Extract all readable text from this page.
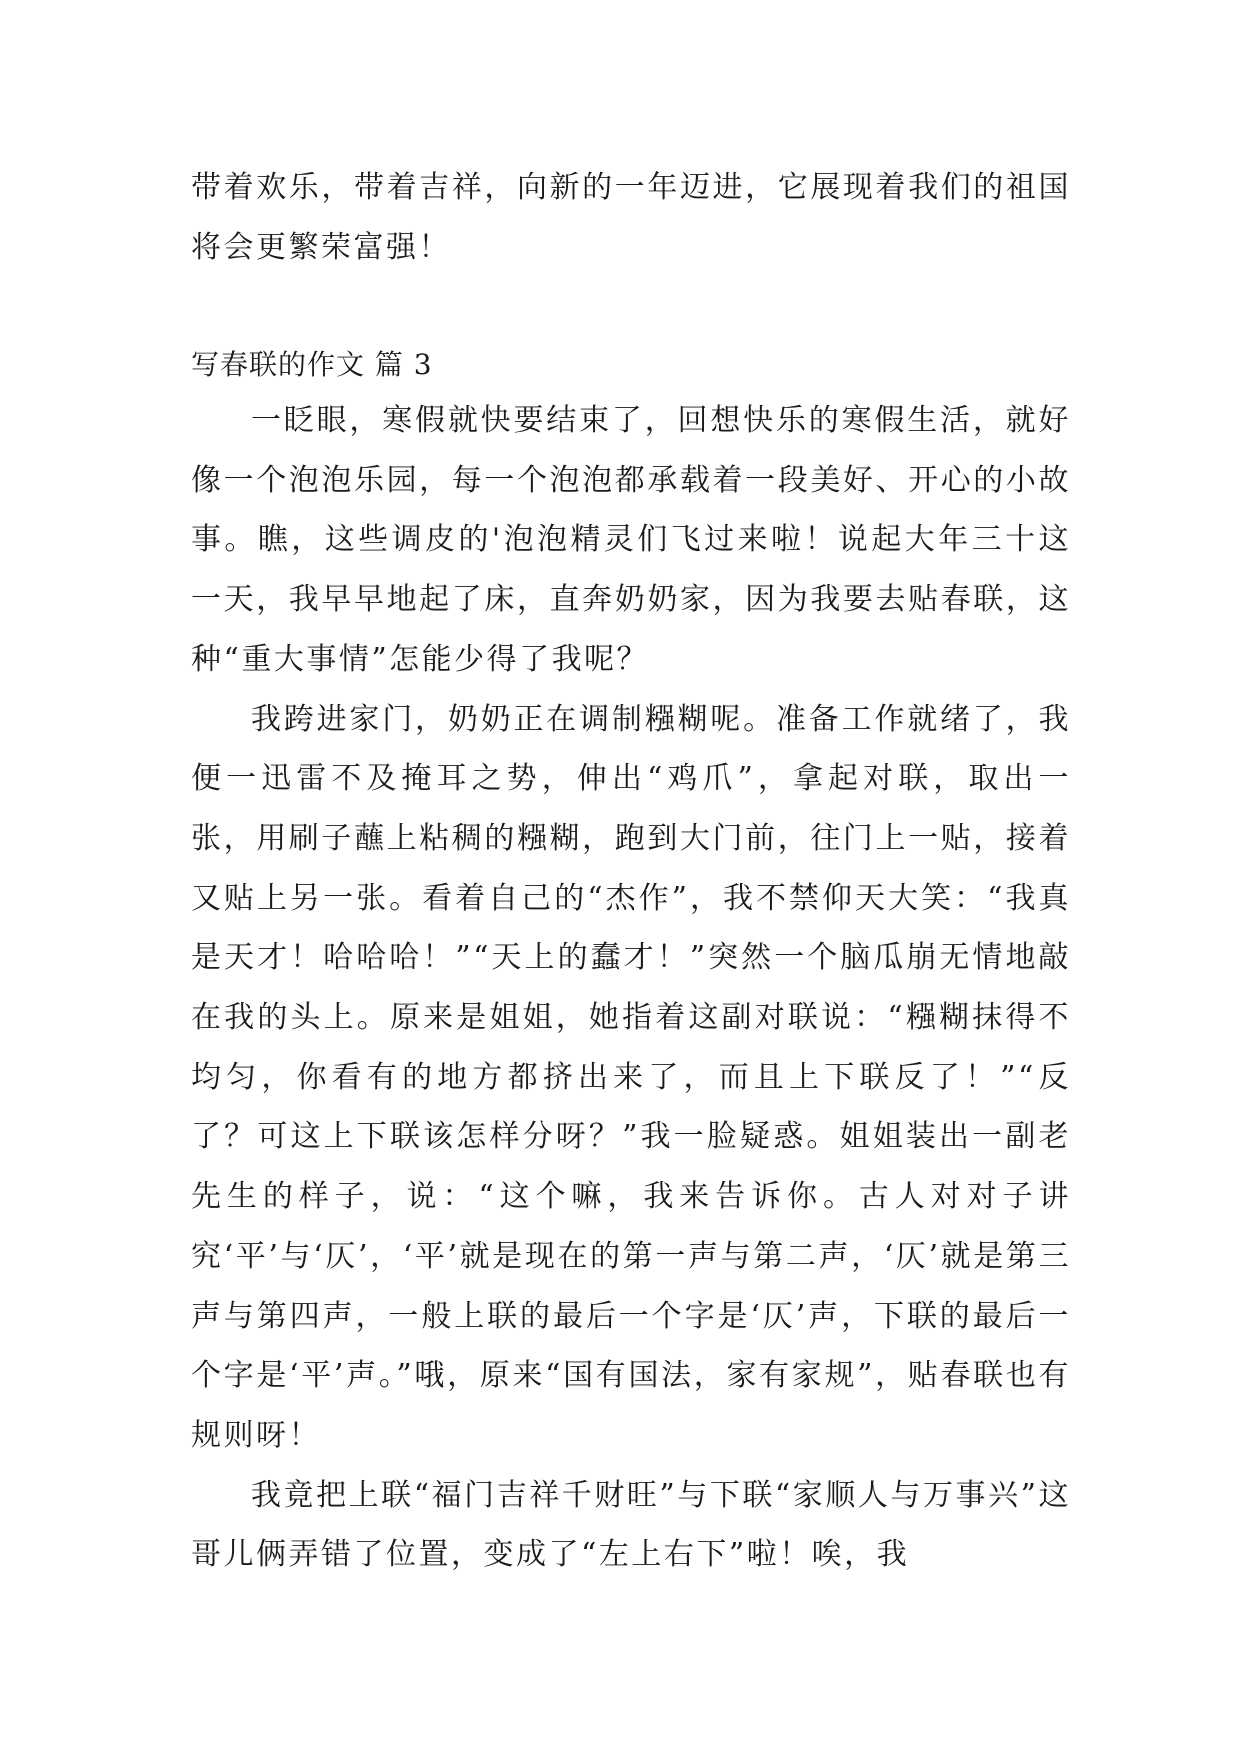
带着欢乐，带着吉祥，向新的一年迈进，它展现着我们的祖国将会更繁荣富强！

写春联的作文 篇 3

一眨眼，寒假就快要结束了，回想快乐的寒假生活，就好像一个泡泡乐园，每一个泡泡都承载着一段美好、开心的小故事。瞧，这些调皮的'泡泡精灵们飞过来啦！说起大年三十这一天，我早早地起了床，直奔奶奶家，因为我要去贴春联，这种“重大事情”怎能少得了我呢？

我跨进家门，奶奶正在调制糨糊呢。准备工作就绪了，我便一迅雷不及掩耳之势，伸出“鸡爪”，拿起对联，取出一张，用刷子蘸上粘稠的糨糊，跑到大门前，往门上一贴，接着又贴上另一张。看着自己的“杰作”，我不禁仰天大笑：“我真是天才！哈哈哈！”“天上的蠢才！”突然一个脑瓜崩无情地敲在我的头上。原来是姐姐，她指着这副对联说：“糨糊抹得不均匀，你看有的地方都挤出来了，而且上下联反了！”“反了？可这上下联该怎样分呀？”我一脸疑惑。姐姐装出一副老先生的样子，说：“这个嘛，我来告诉你。古人对对子讲究‘平’与‘仄’，‘平’就是现在的第一声与第二声，‘仄’就是第三声与第四声，一般上联的最后一个字是‘仄’声，下联的最后一个字是‘平’声。”哦，原来“国有国法，家有家规”，贴春联也有规则呀！

我竟把上联“福门吉祥千财旺”与下联“家顺人与万事兴”这哥儿俩弄错了位置，变成了“左上右下”啦！唉，我
